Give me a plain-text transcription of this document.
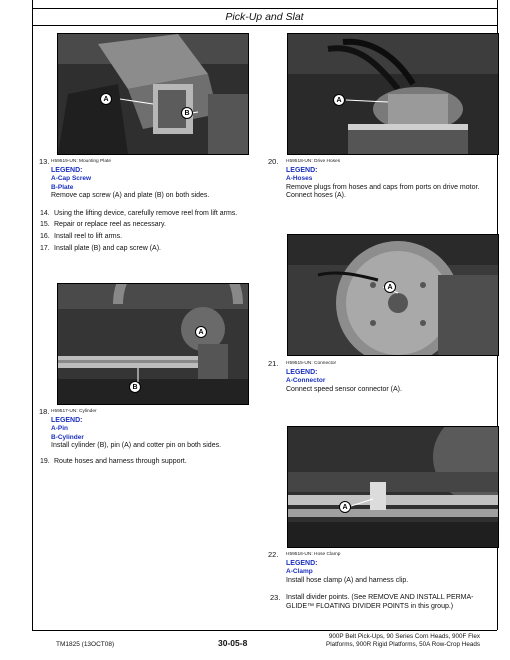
Pick-Up and Slat
A
B
A
13. H59519-UN: Mounting Plate
LEGEND:
A-Cap Screw
B-Plate
Remove cap screw (A) and plate (B) on both sides.
20. H59518-UN: Drive Hoses
LEGEND:
A-Hoses
Remove plugs from hoses and caps from ports on drive motor.
Connect hoses (A).
14. Using the lifting device, carefully remove reel from lift arms.
15. Repair or replace reel as necessary.
16. Install reel to lift arms.
17. Install plate (B) and cap screw (A).
A
A
B
21. H59515-UN: Connector
LEGEND:
A-Connector
Connect speed sensor connector (A).
18. H59517-UN: Cylinder
LEGEND:
A-Pin
B-Cylinder
Install cylinder (B), pin (A) and cotter pin on both sides.
19. Route hoses and harness through support.
A
22. H59516-UN: Hose Clamp
LEGEND:
A-Clamp
Install hose clamp (A) and harness clip.
23. Install divider points. (See REMOVE AND INSTALL PERMA-
GLIDE™ FLOATING DIVIDER POINTS in this group.)
TM1825 (13OCT08)	30-05-8
900P Belt Pick-Ups, 90 Series Corn Heads, 900F Flex
Platforms, 900R Rigid Platforms, 50A Row-Crop Heads
